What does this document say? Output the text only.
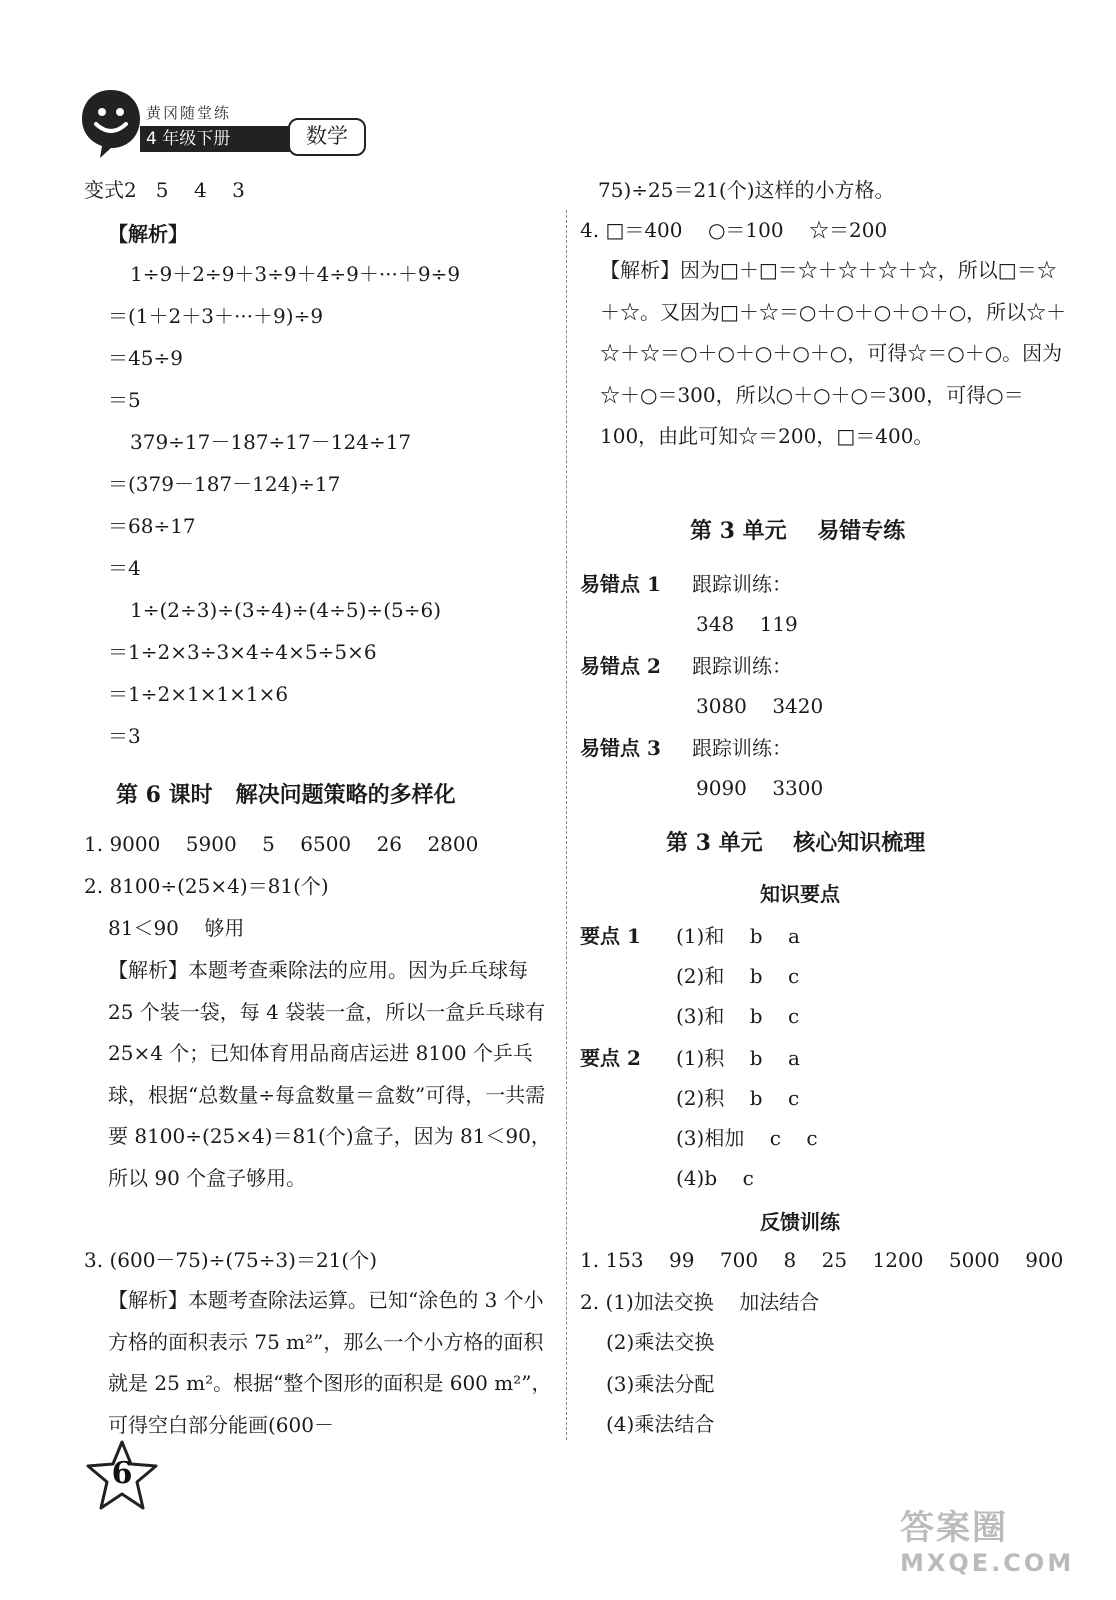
黄冈随堂练
4 年级下册	数学
变式2   5    4    3
【解析】
1÷9＋2÷9＋3÷9＋4÷9＋···＋9÷9
＝(1＋2＋3＋···＋9)÷9
＝45÷9
＝5
379÷17－187÷17－124÷17
＝(379－187－124)÷17
＝68÷17
＝4
1÷(2÷3)÷(3÷4)÷(4÷5)÷(5÷6)
＝1÷2×3÷3×4÷4×5÷5×6
＝1÷2×1×1×1×6
＝3
第 6 课时   解决问题策略的多样化
1. 9000    5900    5    6500    26    2800
2. 8100÷(25×4)＝81(个)
81＜90    够用
【解析】本题考查乘除法的应用。因为乒乓球每 25 个装一袋，每 4 袋装一盒，所以一盒乒乓球有 25×4 个；已知体育用品商店运进 8100 个乒乓球，根据“总数量÷每盒数量＝盒数”可得，一共需要 8100÷(25×4)＝81(个)盒子，因为 81＜90，所以 90 个盒子够用。
3. (600－75)÷(75÷3)＝21(个)
【解析】本题考查除法运算。已知“涂色的 3 个小方格的面积表示 75 m²”，那么一个小方格的面积就是 25 m²。根据“整个图形的面积是 600 m²”，可得空白部分能画(600－
75)÷25＝21(个)这样的小方格。
4. □＝400    ○＝100    ☆＝200
【解析】因为□＋□＝☆＋☆＋☆＋☆，所以□＝☆＋☆。又因为□＋☆＝○＋○＋○＋○＋○，所以☆＋☆＋☆＝○＋○＋○＋○＋○，可得☆＝○＋○。因为☆＋○＝300，所以○＋○＋○＝300，可得○＝100，由此可知☆＝200，□＝400。
第 3 单元    易错专练
易错点 1 跟踪训练：
348    119
易错点 2 跟踪训练：
3080    3420
易错点 3 跟踪训练：
9090    3300
第 3 单元    核心知识梳理
知识要点
要点 1 (1)和    b    a
(2)和    b    c
(3)和    b    c
要点 2 (1)积    b    a
(2)积    b    c
(3)相加    c    c
(4)b    c
反馈训练
1. 153    99    700    8    25    1200    5000    900
2. (1)加法交换    加法结合
(2)乘法交换
(3)乘法分配
(4)乘法结合
6
答案圈
MXQE.COM
